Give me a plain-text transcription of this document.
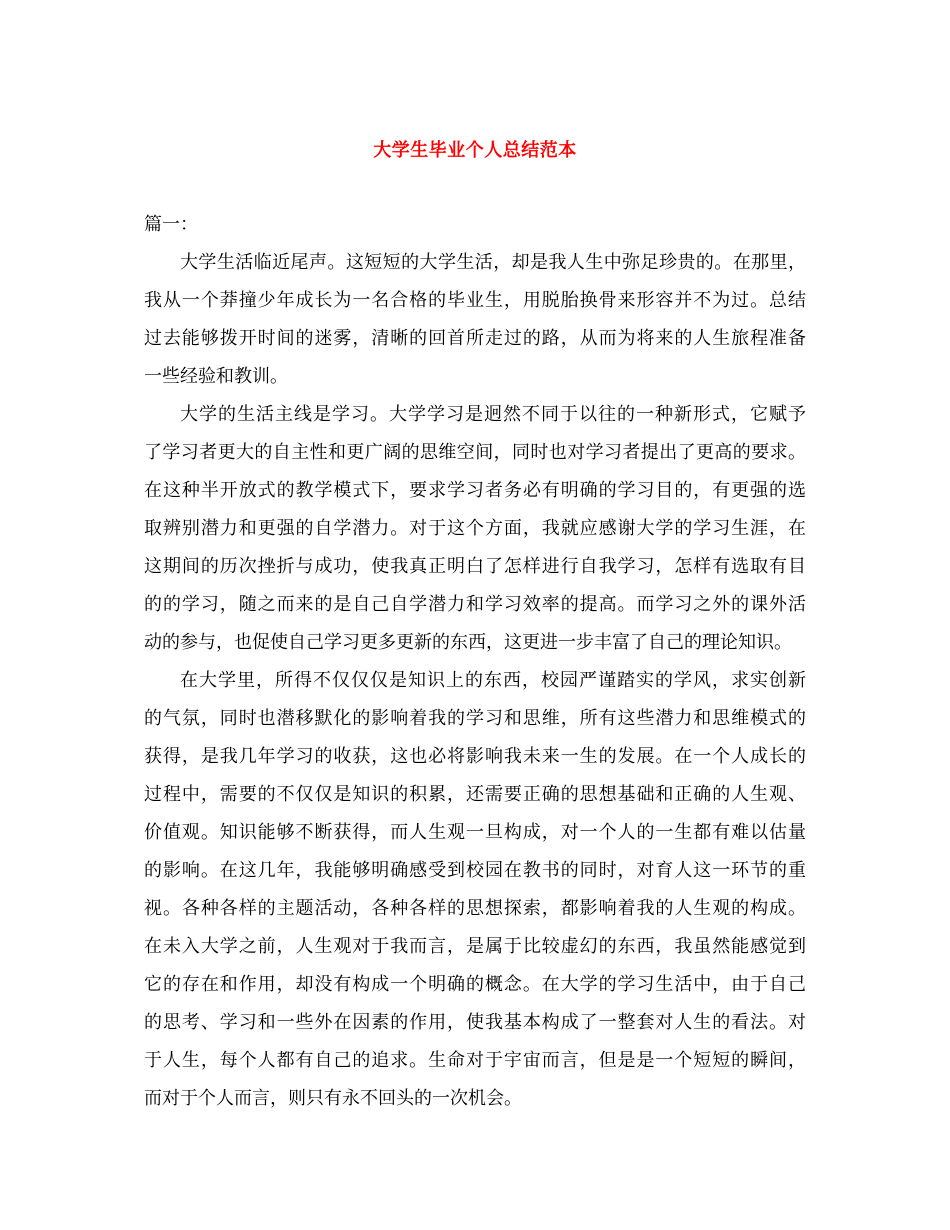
大学生毕业个人总结范本

篇一：

大学生活临近尾声。这短短的大学生活，却是我人生中弥足珍贵的。在那里，
我从一个莽撞少年成长为一名合格的毕业生，用脱胎换骨来形容并不为过。总结
过去能够拨开时间的迷雾，清晰的回首所走过的路，从而为将来的人生旅程准备
一些经验和教训。

大学的生活主线是学习。大学学习是迥然不同于以往的一种新形式，它赋予
了学习者更大的自主性和更广阔的思维空间，同时也对学习者提出了更高的要求。
在这种半开放式的教学模式下，要求学习者务必有明确的学习目的，有更强的选
取辨别潜力和更强的自学潜力。对于这个方面，我就应感谢大学的学习生涯，在
这期间的历次挫折与成功，使我真正明白了怎样进行自我学习，怎样有选取有目
的的学习，随之而来的是自己自学潜力和学习效率的提高。而学习之外的课外活
动的参与，也促使自己学习更多更新的东西，这更进一步丰富了自己的理论知识。

在大学里，所得不仅仅仅是知识上的东西，校园严谨踏实的学风，求实创新
的气氛，同时也潜移默化的影响着我的学习和思维，所有这些潜力和思维模式的
获得，是我几年学习的收获，这也必将影响我未来一生的发展。在一个人成长的
过程中，需要的不仅仅是知识的积累，还需要正确的思想基础和正确的人生观、
价值观。知识能够不断获得，而人生观一旦构成，对一个人的一生都有难以估量
的影响。在这几年，我能够明确感受到校园在教书的同时，对育人这一环节的重
视。各种各样的主题活动，各种各样的思想探索，都影响着我的人生观的构成。
在未入大学之前，人生观对于我而言，是属于比较虚幻的东西，我虽然能感觉到
它的存在和作用，却没有构成一个明确的概念。在大学的学习生活中，由于自己
的思考、学习和一些外在因素的作用，使我基本构成了一整套对人生的看法。对
于人生，每个人都有自己的追求。生命对于宇宙而言，但是是一个短短的瞬间，
而对于个人而言，则只有永不回头的一次机会。
